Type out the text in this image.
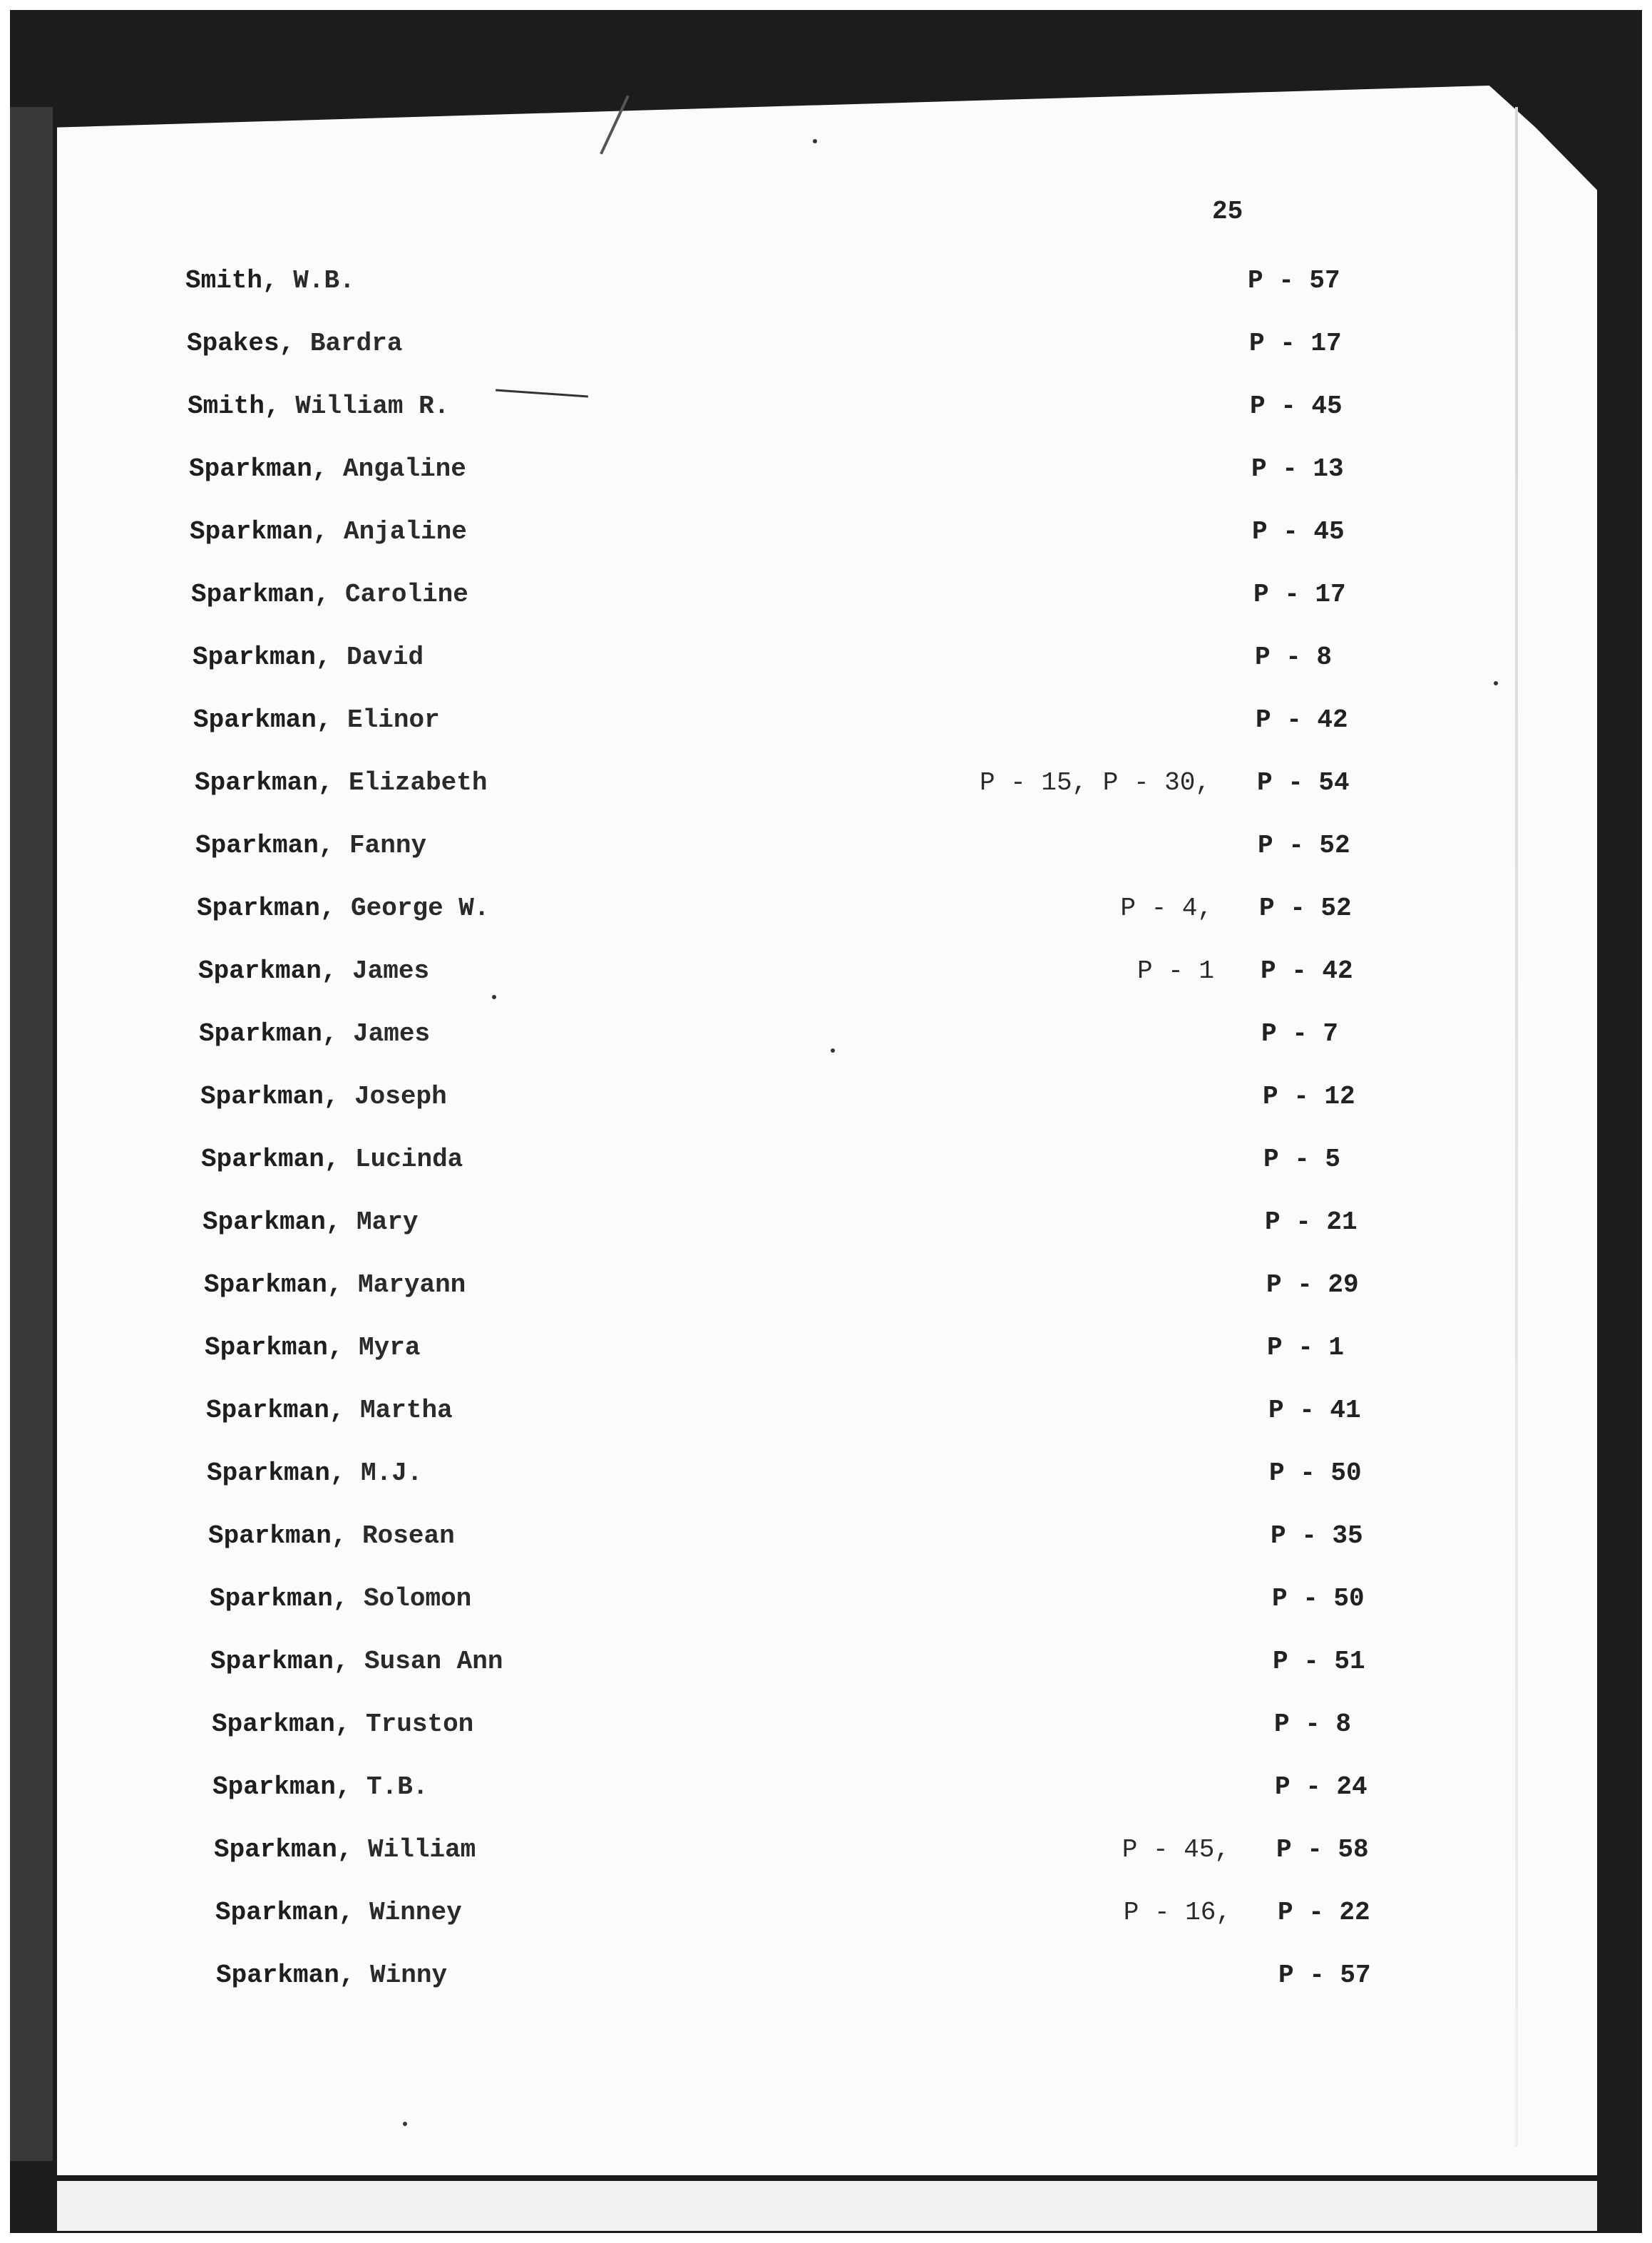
25
Smith, W.B.	P - 57
Spakes, Bardra	P - 17
Smith, William R.	P - 45
Sparkman, Angaline	P - 13
Sparkman, Anjaline	P - 45
Sparkman, Caroline	P - 17
Sparkman, David	P - 8
Sparkman, Elinor	P - 42
Sparkman, Elizabeth	P - 15, P - 30, P - 54
Sparkman, Fanny	P - 52
Sparkman, George W.	P - 4, P - 52
Sparkman, James	P - 1 P - 42
Sparkman, James	P - 7
Sparkman, Joseph	P - 12
Sparkman, Lucinda	P - 5
Sparkman, Mary	P - 21
Sparkman, Maryann	P - 29
Sparkman, Myra	P - 1
Sparkman, Martha	P - 41
Sparkman, M.J.	P - 50
Sparkman, Rosean	P - 35
Sparkman, Solomon	P - 50
Sparkman, Susan Ann	P - 51
Sparkman, Truston	P - 8
Sparkman, T.B.	P - 24
Sparkman, William	P - 45, P - 58
Sparkman, Winney	P - 16, P - 22
Sparkman, Winny	P - 57
